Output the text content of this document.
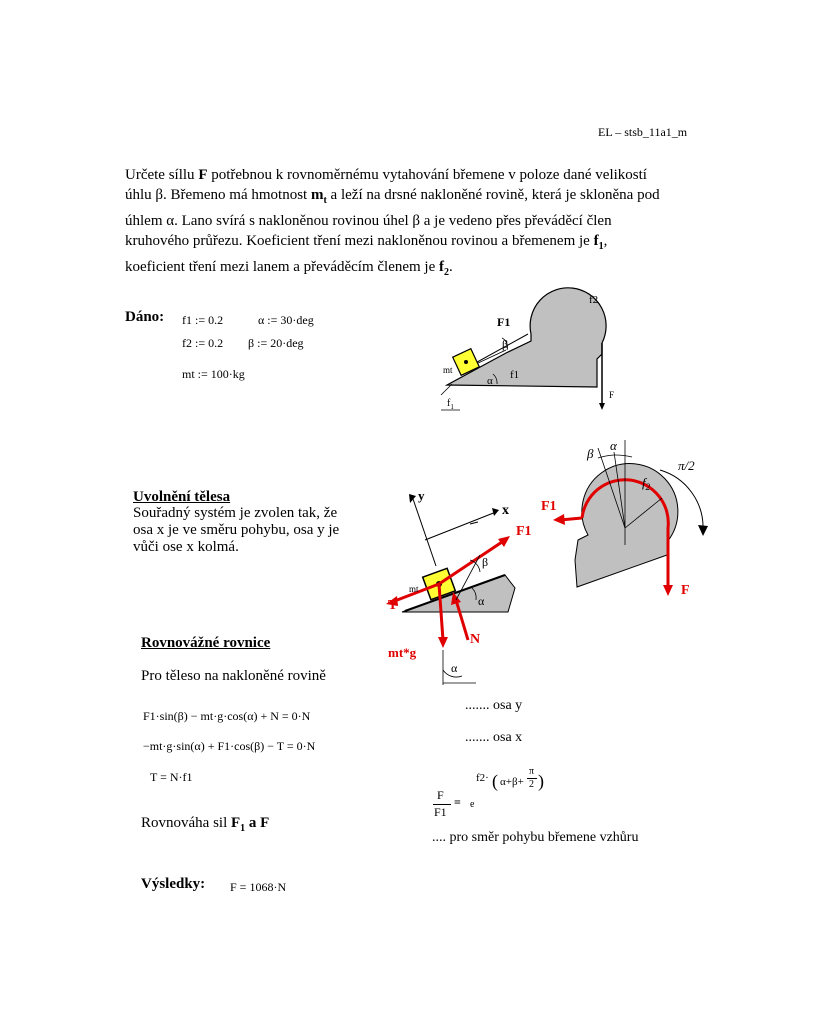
EL – stsb_11a1_m

Určete síllu F potřebnou k rovnoměrnému vytahování břemene v poloze dané velikostí

úhlu β. Břemeno má hmotnost $m_t$ a leží na drsné nakloněné rovině, která je skloněna pod

úhlem α. Lano svírá s nakloněnou rovinou úhel β a je vedeno přes převáděcí člen

kruhového průřezu. Koeficient tření mezi nakloněnou rovinou a břemenem je $f_1$,

koeficient tření mezi lanem a převáděcím členem je $f_2$.

Dáno: f1 := 0.2	α := 30·deg
f2 := 0.2 β := 20·deg
mt := 100·kg
f2
F1
β
mt
α f1
$f_1$
F
Uvolnění tělesa
Souřadný systém je zvolen tak, že
osa x je ve směru pohybu, osa y je
vůči ose x kolmá.
y
x
F1
β
mt
T	α
N
mt*g
α
β
α
π/2
$f_2$
F1
F
Rovnovážné rovnice
Pro těleso na nakloněné rovině
F1·sin(β) − mt·g·cos(α) + N = 0·N
−mt·g·sin(α) + F1·cos(β) − T = 0·N
T = N·f1
....... osa y
....... osa x
Rovnováha sil $F_1$ a F
F
F1
= e
f2· ( α+β+
π
2 )
.... pro směr pohybu břemene vzhůru
Výsledky: F = 1068·N
